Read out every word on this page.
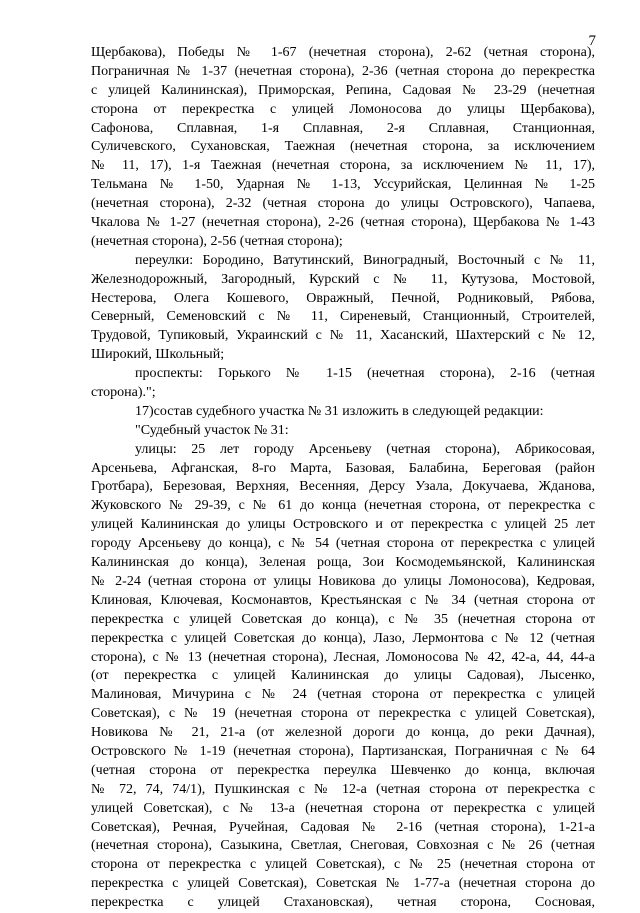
7
Щербакова), Победы № 1-67 (нечетная сторона), 2-62 (четная сторона),
Пограничная № 1-37 (нечетная сторона), 2-36 (четная сторона до перекрестка
с улицей Калининская), Приморская, Репина, Садовая № 23-29 (нечетная
сторона от перекрестка с улицей Ломоносова до улицы Щербакова),
Сафонова, Сплавная, 1-я Сплавная, 2-я Сплавная, Станционная,
Суличевского, Сухановская, Таежная (нечетная сторона, за исключением
№ 11, 17), 1-я Таежная (нечетная сторона, за исключением № 11, 17),
Тельмана № 1-50, Ударная № 1-13, Уссурийская, Целинная № 1-25
(нечетная сторона), 2-32 (четная сторона до улицы Островского), Чапаева,
Чкалова № 1-27 (нечетная сторона), 2-26 (четная сторона), Щербакова № 1-43
(нечетная сторона), 2-56 (четная сторона);
переулки: Бородино, Ватутинский, Виноградный, Восточный с № 11,
Железнодорожный, Загородный, Курский с № 11, Кутузова, Мостовой,
Нестерова, Олега Кошевого, Овражный, Печной, Родниковый, Рябова,
Северный, Семеновский с № 11, Сиреневый, Станционный, Строителей,
Трудовой, Тупиковый, Украинский с № 11, Хасанский, Шахтерский с № 12,
Широкий, Школьный;
проспекты: Горького № 1-15 (нечетная сторона), 2-16 (четная
сторона).";
17)состав судебного участка № 31 изложить в следующей редакции:
"Судебный участок № 31:
улицы: 25 лет городу Арсеньеву (четная сторона), Абрикосовая,
Арсеньева, Афганская, 8-го Марта, Базовая, Балабина, Береговая (район
Гротбара), Березовая, Верхняя, Весенняя, Дерсу Узала, Докучаева, Жданова,
Жуковского № 29-39, с № 61 до конца (нечетная сторона, от перекрестка с
улицей Калининская до улицы Островского и от перекрестка с улицей 25 лет
городу Арсеньеву до конца), с № 54 (четная сторона от перекрестка с улицей
Калининская до конца), Зеленая роща, Зои Космодемьянской, Калининская
№ 2-24 (четная сторона от улицы Новикова до улицы Ломоносова), Кедровая,
Клиновая, Ключевая, Космонавтов, Крестьянская с № 34 (четная сторона от
перекрестка с улицей Советская до конца), с № 35 (нечетная сторона от
перекрестка с улицей Советская до конца), Лазо, Лермонтова с № 12 (четная
сторона), с № 13 (нечетная сторона), Лесная, Ломоносова № 42, 42-а, 44, 44-а
(от перекрестка с улицей Калининская до улицы Садовая), Лысенко,
Малиновая, Мичурина с № 24 (четная сторона от перекрестка с улицей
Советская), с № 19 (нечетная сторона от перекрестка с улицей Советская),
Новикова № 21, 21-а (от железной дороги до конца, до реки Дачная),
Островского № 1-19 (нечетная сторона), Партизанская, Пограничная с № 64
(четная сторона от перекрестка переулка Шевченко до конца, включая
№ 72, 74, 74/1), Пушкинская с № 12-а (четная сторона от перекрестка с
улицей Советская), с № 13-а (нечетная сторона от перекрестка с улицей
Советская), Речная, Ручейная, Садовая № 2-16 (четная сторона), 1-21-а
(нечетная сторона), Сазыкина, Светлая, Снеговая, Совхозная с № 26 (четная
сторона от перекрестка с улицей Советская), с № 25 (нечетная сторона от
перекрестка с улицей Советская), Советская № 1-77-а (нечетная сторона до
перекрестка с улицей Стахановская), четная сторона, Сосновая,
